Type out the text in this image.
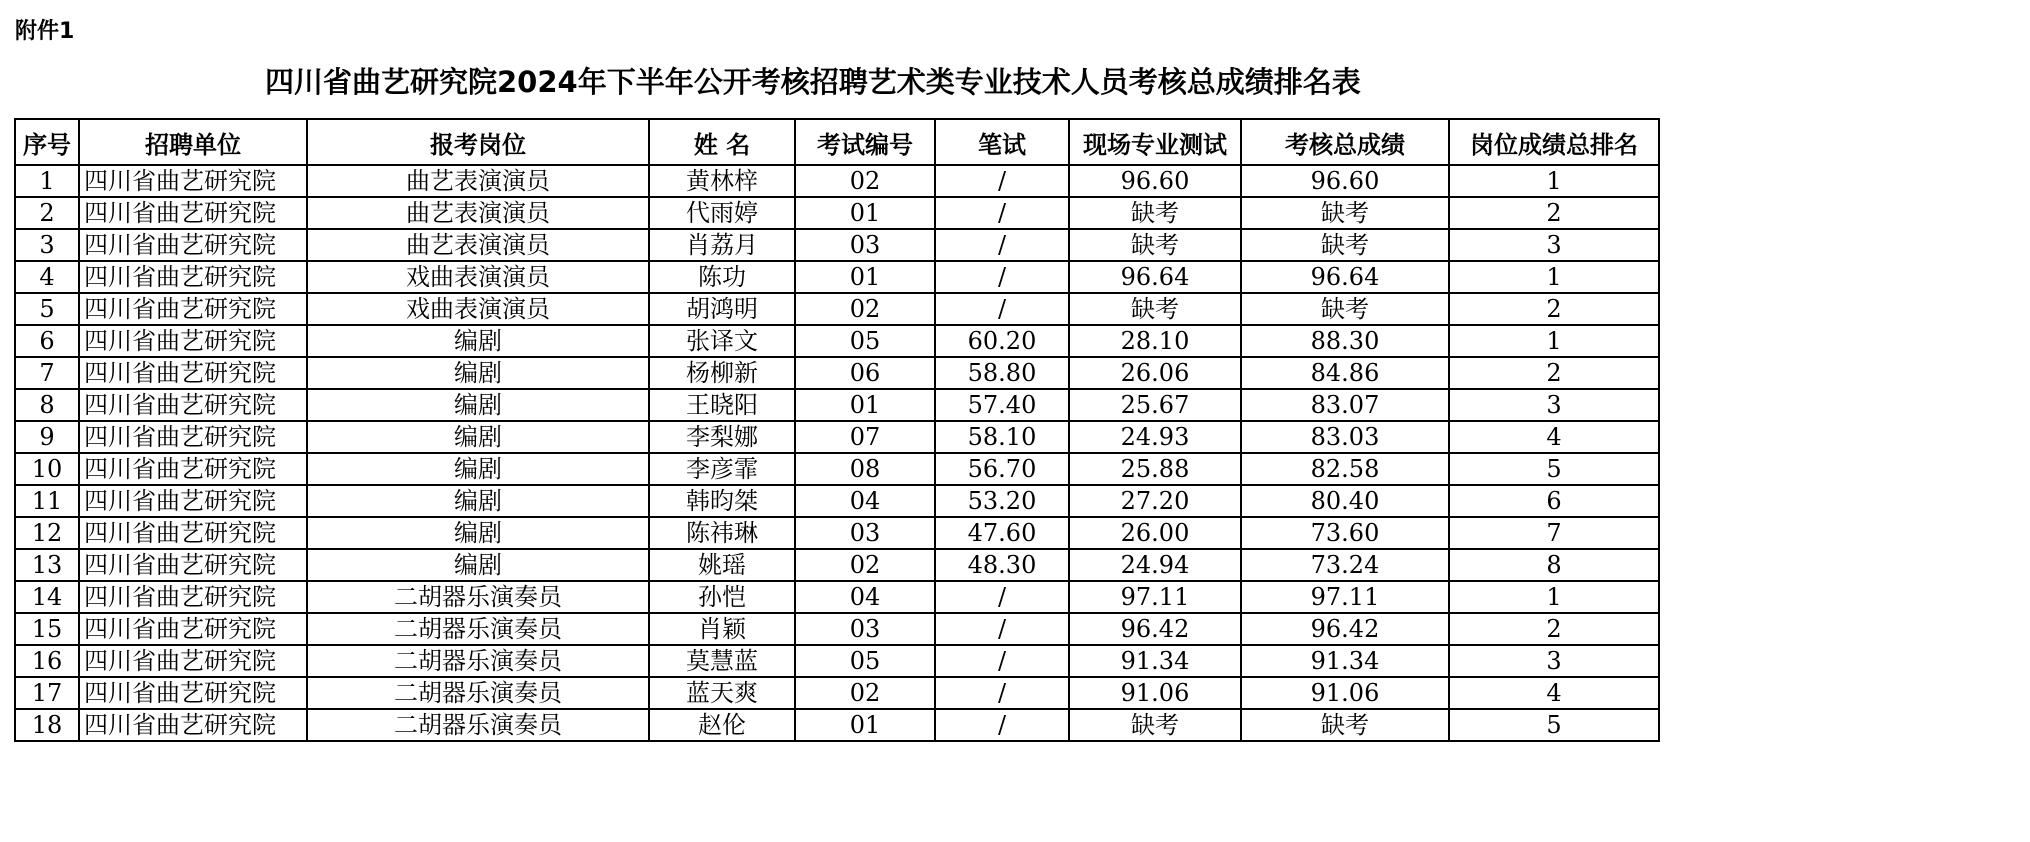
附件1
四川省曲艺研究院2024年下半年公开考核招聘艺术类专业技术人员考核总成绩排名表
序号	招聘单位	报考岗位	姓 名	考试编号	笔试	现场专业测试	考核总成绩	岗位成绩总排名
1	四川省曲艺研究院	曲艺表演演员	黄林梓	02	/	96.60	96.60	1
2	四川省曲艺研究院	曲艺表演演员	代雨婷	01	/	缺考	缺考	2
3	四川省曲艺研究院	曲艺表演演员	肖荔月	03	/	缺考	缺考	3
4	四川省曲艺研究院	戏曲表演演员	陈功	01	/	96.64	96.64	1
5	四川省曲艺研究院	戏曲表演演员	胡鸿明	02	/	缺考	缺考	2
6	四川省曲艺研究院	编剧	张译文	05	60.20	28.10	88.30	1
7	四川省曲艺研究院	编剧	杨柳新	06	58.80	26.06	84.86	2
8	四川省曲艺研究院	编剧	王晓阳	01	57.40	25.67	83.07	3
9	四川省曲艺研究院	编剧	李梨娜	07	58.10	24.93	83.03	4
10	四川省曲艺研究院	编剧	李彦霏	08	56.70	25.88	82.58	5
11	四川省曲艺研究院	编剧	韩昀桀	04	53.20	27.20	80.40	6
12	四川省曲艺研究院	编剧	陈祎琳	03	47.60	26.00	73.60	7
13	四川省曲艺研究院	编剧	姚瑶	02	48.30	24.94	73.24	8
14	四川省曲艺研究院	二胡器乐演奏员	孙恺	04	/	97.11	97.11	1
15	四川省曲艺研究院	二胡器乐演奏员	肖颖	03	/	96.42	96.42	2
16	四川省曲艺研究院	二胡器乐演奏员	莫慧蓝	05	/	91.34	91.34	3
17	四川省曲艺研究院	二胡器乐演奏员	蓝天爽	02	/	91.06	91.06	4
18	四川省曲艺研究院	二胡器乐演奏员	赵伦	01	/	缺考	缺考	5
